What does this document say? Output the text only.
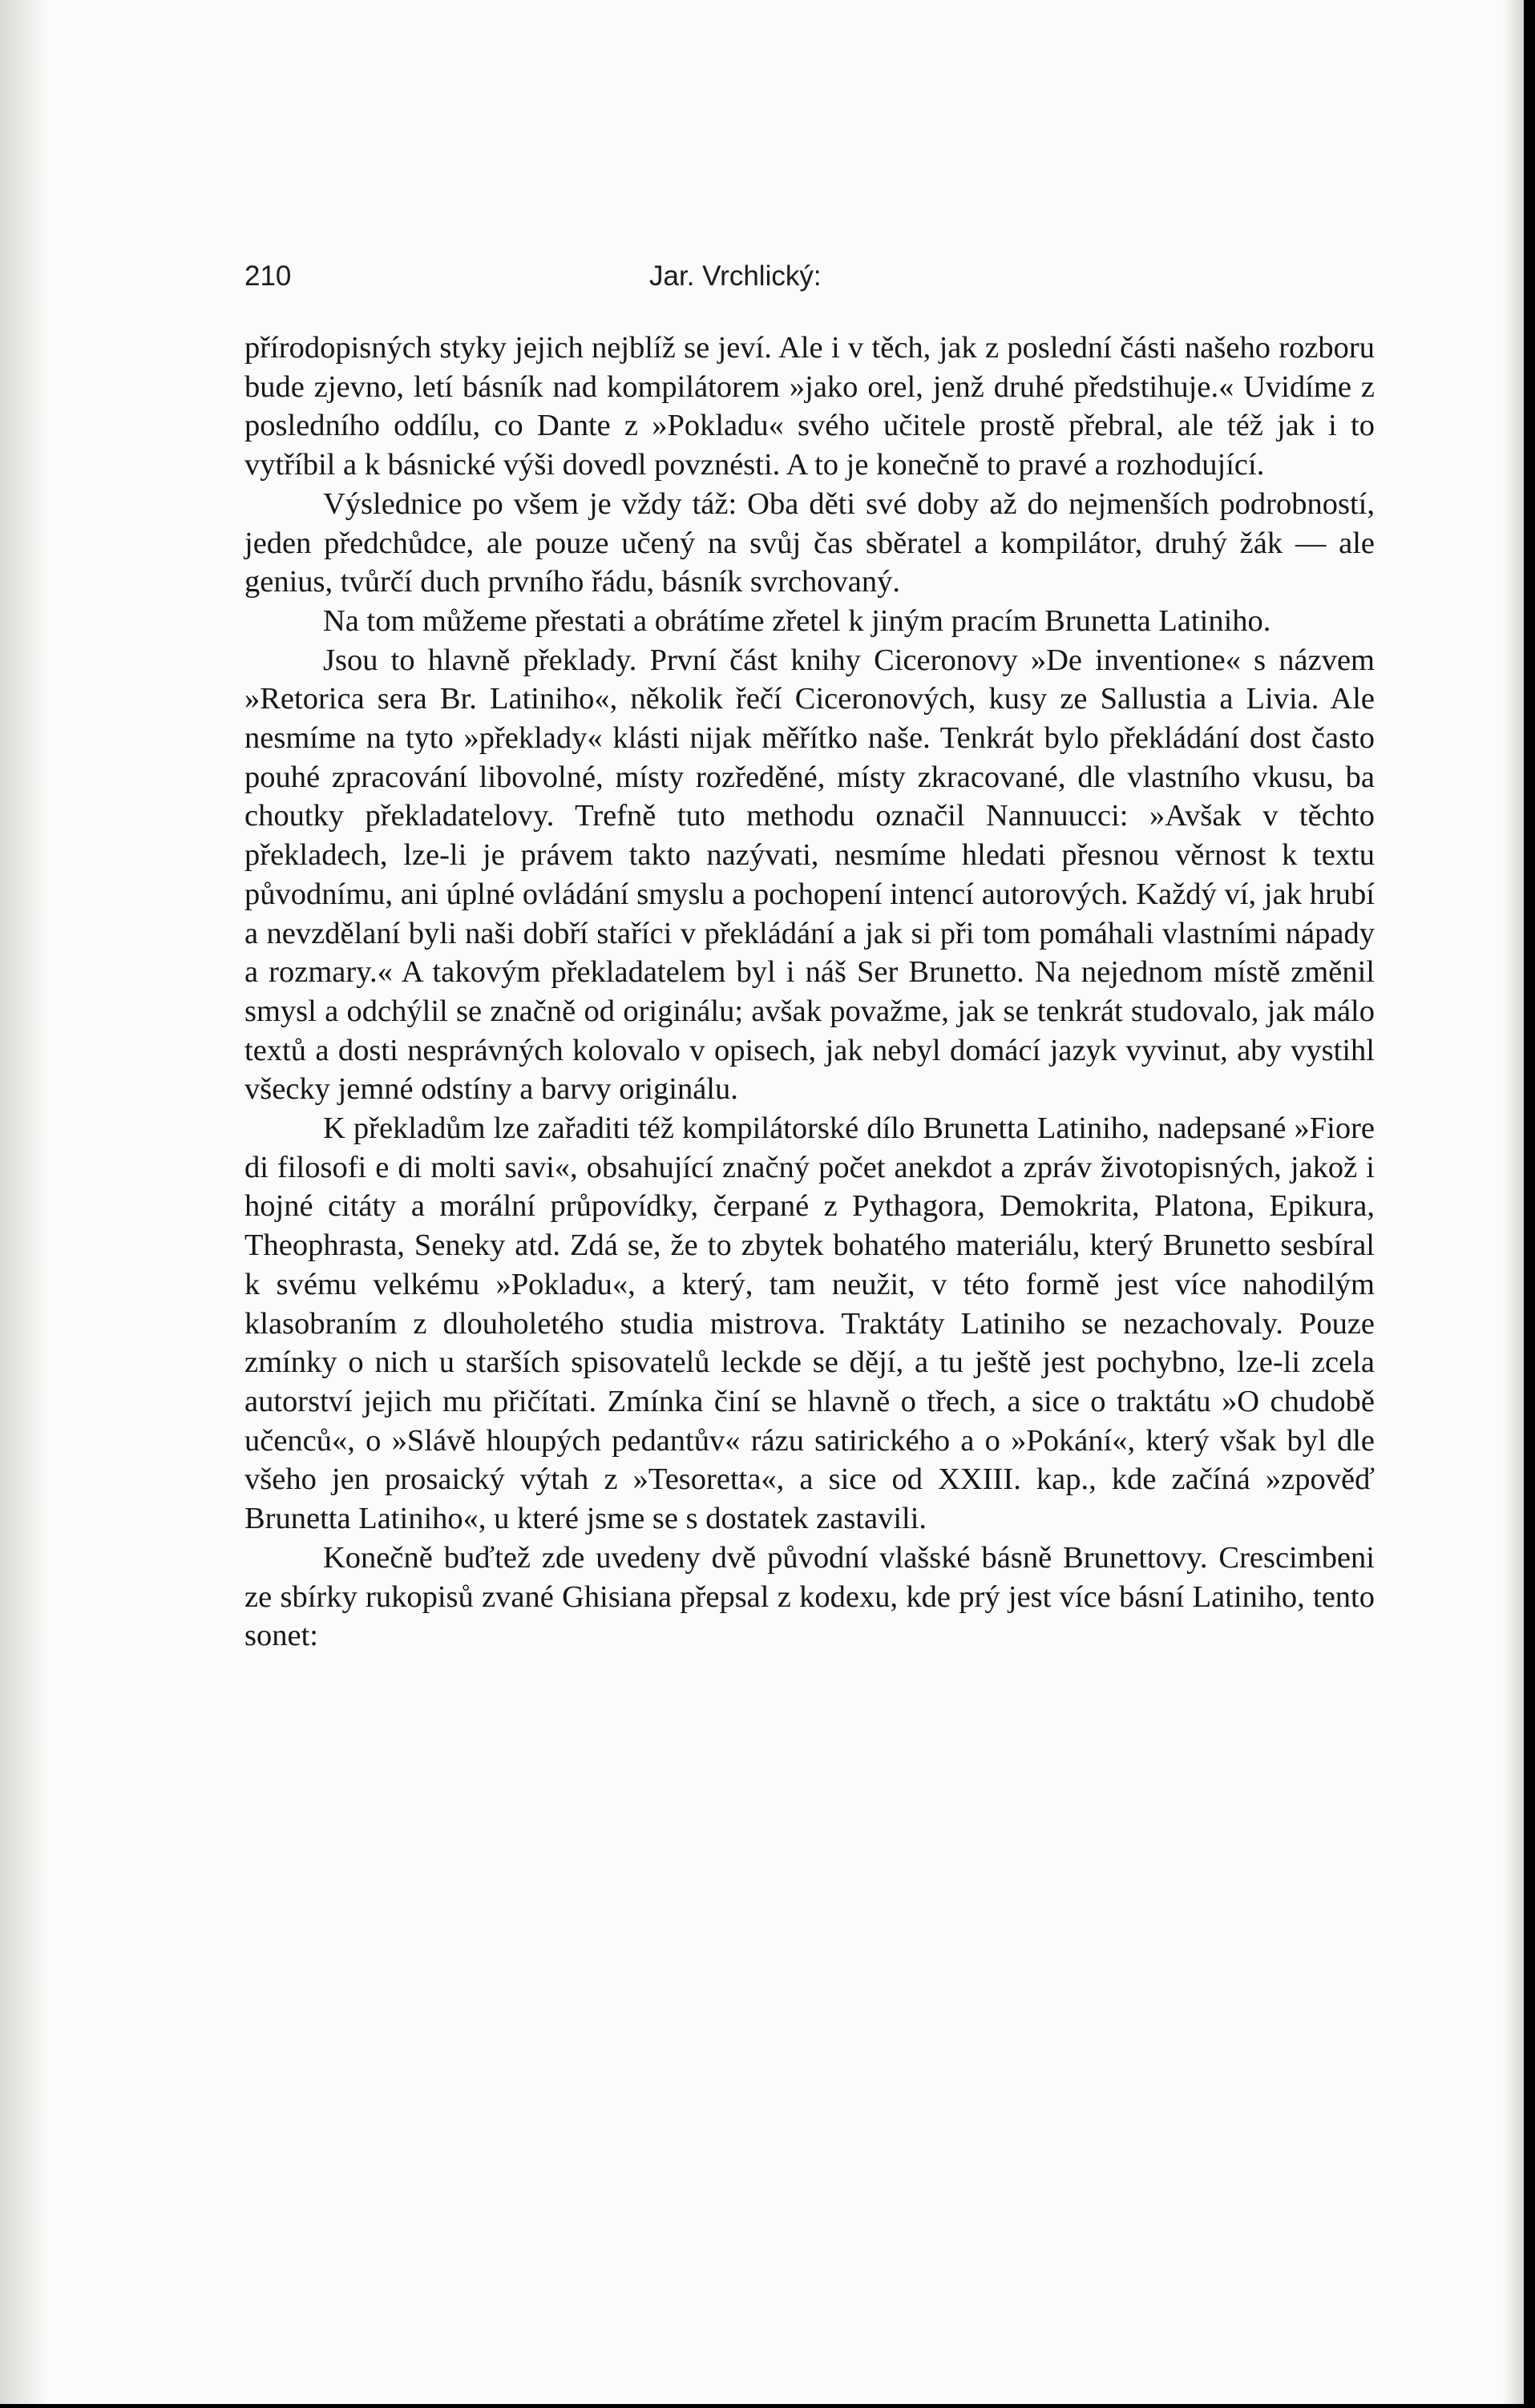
210	Jar. Vrchlický:

přírodopisných styky jejich nejblíž se jeví. Ale i v těch, jak z poslední části našeho rozboru bude zjevno, letí básník nad kompilátorem »jako orel, jenž druhé předstihuje.« Uvidíme z posledního oddílu, co Dante z »Pokladu« svého učitele prostě přebral, ale též jak i to vytříbil a k básnické výši dovedl povznésti. A to je konečně to pravé a rozhodující.

Výslednice po všem je vždy táž: Oba děti své doby až do nejmenších podrobností, jeden předchůdce, ale pouze učený na svůj čas sběratel a kompilátor, druhý žák — ale genius, tvůrčí duch prvního řádu, básník svrchovaný.

Na tom můžeme přestati a obrátíme zřetel k jiným pracím Brunetta Latiniho.

Jsou to hlavně překlady. První část knihy Ciceronovy »De inventione« s názvem »Retorica sera Br. Latiniho«, několik řečí Ciceronových, kusy ze Sallustia a Livia. Ale nesmíme na tyto »překlady« klásti nijak měřítko naše. Tenkrát bylo překládání dost často pouhé zpracování libovolné, místy rozředěné, místy zkracované, dle vlastního vkusu, ba choutky překladatelovy. Trefně tuto methodu označil Nannuucci: »Avšak v těchto překladech, lze-li je právem takto nazývati, nesmíme hledati přesnou věrnost k textu původnímu, ani úplné ovládání smyslu a pochopení intencí autorových. Každý ví, jak hrubí a nevzdělaní byli naši dobří staříci v překládání a jak si při tom pomáhali vlastními nápady a rozmary.« A takovým překladatelem byl i náš Ser Brunetto. Na nejednom místě změnil smysl a odchýlil se značně od originálu; avšak považme, jak se tenkrát studovalo, jak málo textů a dosti nesprávných kolovalo v opisech, jak nebyl domácí jazyk vyvinut, aby vystihl všecky jemné odstíny a barvy originálu.

K překladům lze zařaditi též kompilátorské dílo Brunetta Latiniho, nadepsané »Fiore di filosofi e di molti savi«, obsahující značný počet anekdot a zpráv životopisných, jakož i hojné citáty a morální průpovídky, čerpané z Pythagora, Demokrita, Platona, Epikura, Theophrasta, Seneky atd. Zdá se, že to zbytek bohatého materiálu, který Brunetto sesbíral k svému velkému »Pokladu«, a který, tam neužit, v této formě jest více nahodilým klasobraním z dlouholetého studia mistrova. Traktáty Latiniho se nezachovaly. Pouze zmínky o nich u starších spisovatelů leckde se dějí, a tu ještě jest pochybno, lze-li zcela autorství jejich mu přičítati. Zmínka činí se hlavně o třech, a sice o traktátu »O chudobě učenců«, o »Slávě hloupých pedantův« rázu satirického a o »Pokání«, který však byl dle všeho jen prosaický výtah z »Tesoretta«, a sice od XXIII. kap., kde začíná »zpověď Brunetta Latiniho«, u které jsme se s dostatek zastavili.

Konečně buďtež zde uvedeny dvě původní vlašské básně Brunettovy. Crescimbeni ze sbírky rukopisů zvané Ghisiana přepsal z kodexu, kde prý jest více básní Latiniho, tento sonet:
